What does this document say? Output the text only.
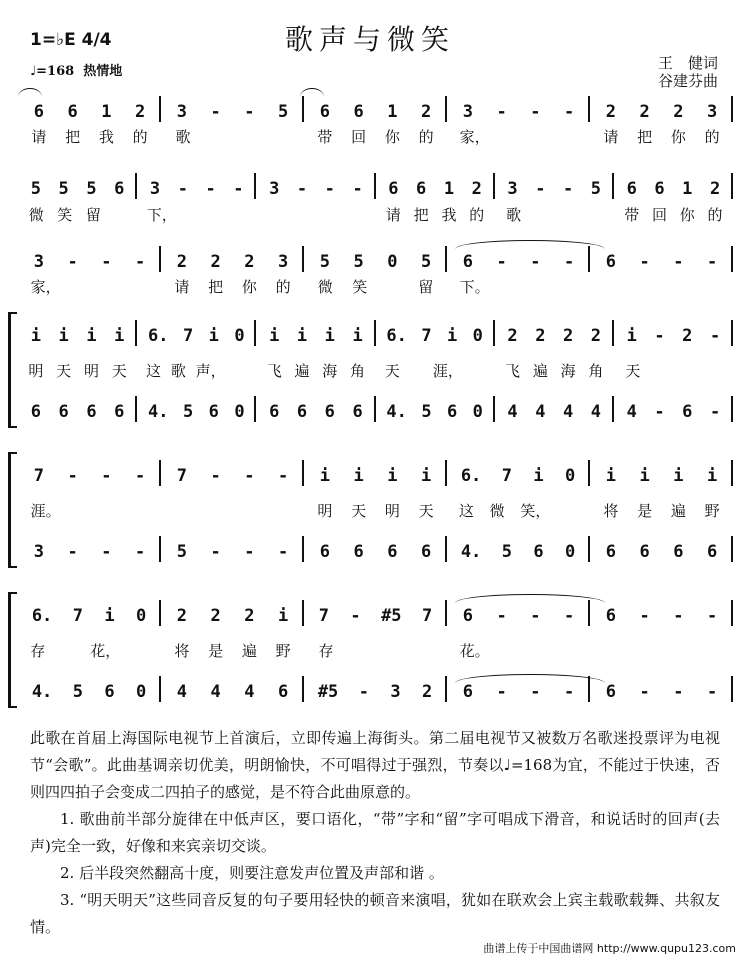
1=♭E 4/4
♩=168 热情地
歌声与微笑
王　健词
谷建芬曲
6 6 1 2 3 - - 5 6 6 1 2 3 - - - 2 2 2 3
请 把 我 的 歌	带 回 你 的 家，	请 把 你 的
5 5 5 6 3 - - - 3 - - - 6 6 1 2 3 - - 5 6 6 1 2
微 笑 留	下，	请 把 我 的 歌	带 回 你 的
3 - - - 2 2 2 3 5 5 0 5 6 - - - 6 - - -
家，	请 把 你 的 微 笑	留 下。
i i i i 6. 7 i 0 i i i i 6. 7 i 0 2 2 2 2 i - 2 -
明 天 明 天 这 歌 声，	飞 遍 海 角 天 涯，	飞 遍 海 角 天
6 6 6 6 4. 5 6 0 6 6 6 6 4. 5 6 0 4 4 4 4 4 - 6 -
7 - - - 7 - - - i i i i 6. 7 i 0 i i i i
涯。	明 天 明 天 这 微 笑，	将 是 遍 野
3 - - - 5 - - - 6 6 6 6 4. 5 6 0 6 6 6 6
6. 7 i 0 2 2 2 i 7 - #5 7 6 - - - 6 - - -
存	花，	将 是 遍 野 存	花。
4. 5 6 0 4 4 4 6 #5 - 3 2 6 - - - 6 - - -

此歌在首届上海国际电视节上首演后，立即传遍上海街头。第二届电视节又被数万名歌迷投票评为电视节“会歌”。此曲基调亲切优美，明朗愉快，不可唱得过于强烈，节奏以♩=168为宜，不能过于快速，否则四四拍子会变成二四拍子的感觉，是不符合此曲原意的。

1. 歌曲前半部分旋律在中低声区，要口语化，“带”字和“留”字可唱成下滑音，和说话时的回声(去声)完全一致，好像和来宾亲切交谈。

2. 后半段突然翻高十度，则要注意发声位置及声部和谐 。

3. “明天明天”这些同音反复的句子要用轻快的顿音来演唱，犹如在联欢会上宾主载歌载舞、共叙友情。

曲谱上传于中国曲谱网 http://www.qupu123.com
